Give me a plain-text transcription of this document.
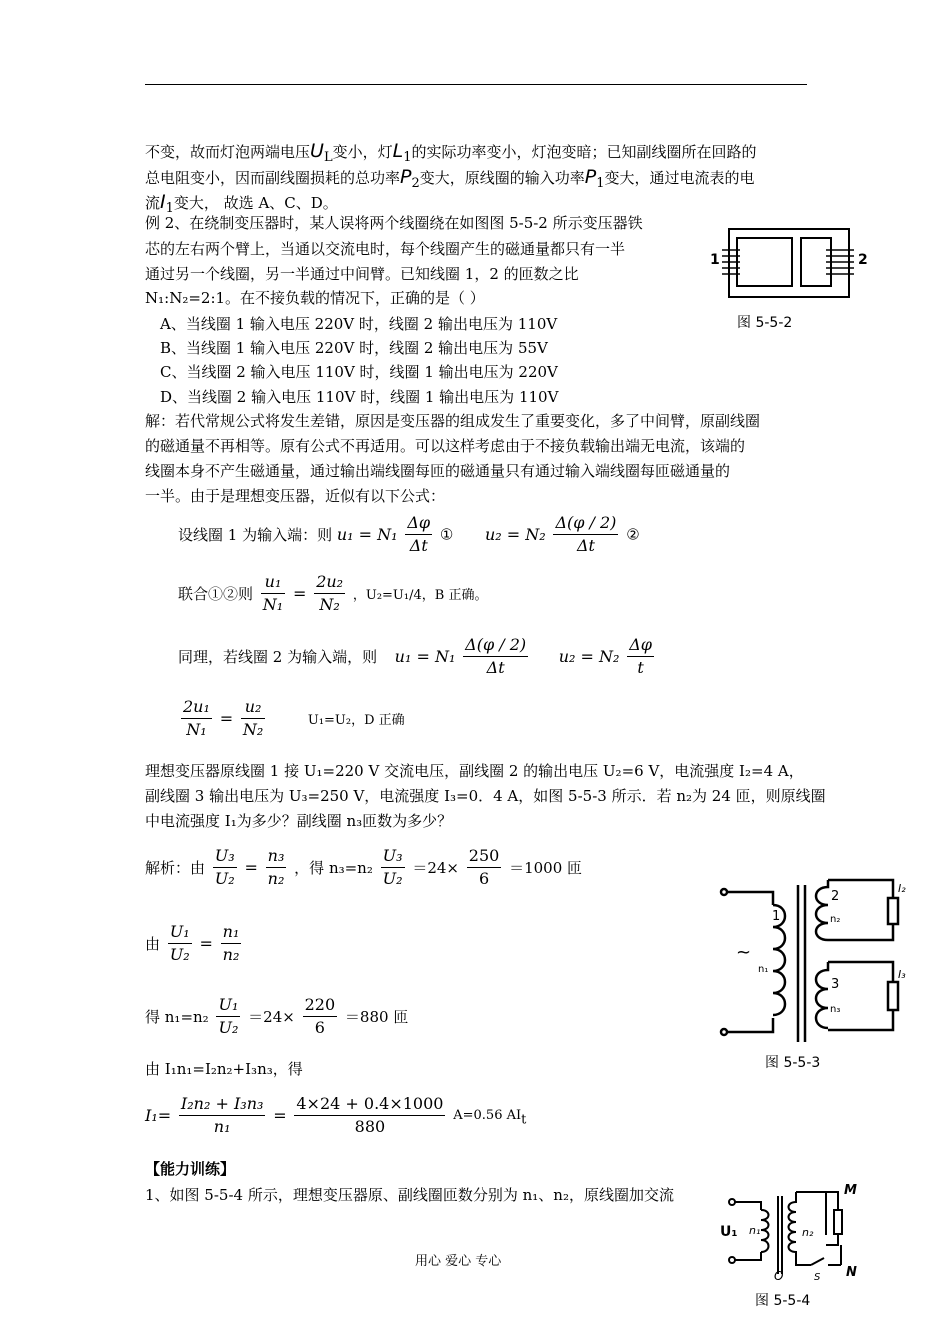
不变，故而灯泡两端电压$U_L$变小，灯$L_1$的实际功率变小，灯泡变暗；已知副线圈所在回路的
总电阻变小，因而副线圈损耗的总功率$P_2$变大，原线圈的输入功率$P_1$变大，通过电流表的电
流$I_1$变大， 故选 A、C、D。
例 2、在绕制变压器时，某人误将两个线圈绕在如图图 5-5-2 所示变压器铁
芯的左右两个臂上，当通以交流电时，每个线圈产生的磁通量都只有一半
通过另一个线圈，另一半通过中间臂。已知线圈 1，2 的匝数之比
N₁:N₂=2:1。在不接负载的情况下，正确的是（ ）
A、当线圈 1 输入电压 220V 时，线圈 2 输出电压为 110V
B、当线圈 1 输入电压 220V 时，线圈 2 输出电压为 55V
C、当线圈 2 输入电压 110V 时，线圈 1 输出电压为 220V
D、当线圈 2 输入电压 110V 时，线圈 1 输出电压为 110V
1	2
图 5-5-2
解：若代常规公式将发生差错，原因是变压器的组成发生了重要变化，多了中间臂，原副线圈
的磁通量不再相等。原有公式不再适用。可以这样考虑由于不接负载输出端无电流，该端的
线圈本身不产生磁通量，通过输出端线圈每匝的磁通量只有通过输入端线圈每匝磁通量的
一半。由于是理想变压器，近似有以下公式：
设线圈 1 为输入端：则 $u_1 = N_1 \frac{\Delta\varphi}{\Delta t}$ ① $u_2 = N_2 \frac{\Delta(\varphi / 2)}{\Delta t}$ ②
联合①②则 $\frac{\text{u₁}}{\text{N₁}} = \frac{\text{2u₂}}{\text{N₂}}$ ，U₂=U₁/4，B 正确。
同理，若线圈 2 为输入端，则 $u_1 = N_1 \frac{\Delta(\varphi / 2)}{\Delta t} u_2 = N_2 \frac{\Delta\varphi}{t}$
$\frac{\text{2u₁}}{\text{N₁}} = \frac{\text{u₂}}{\text{N₂}}$	U₁=U₂，D 正确
理想变压器原线圈 1 接 U₁=220 V 交流电压，副线圈 2 的输出电压 U₂=6 V，电流强度 I₂=4 A，
副线圈 3 输出电压为 U₃=250 V，电流强度 I₃=0．4 A，如图 5-5-3 所示．若 n₂为 24 匝，则原线圈
中电流强度 I₁为多少？副线圈 n₃匝数为多少？
解析：由 $\frac{\text{U₃}}{\text{U₂}} = \frac{\text{n₃}}{\text{n₂}}$ ，得 $n_3=n_2 \frac{\text{U₃}}{\text{U₂}} =24\times \frac{250}{6} =1000$ 匝
由 $\frac{\text{U₁}}{\text{U₂}} = \frac{\text{n₁}}{\text{n₂}}$
得 $n_1=n_2 \frac{\text{U₁}}{\text{U₂}} =24\times \frac{220}{6} =880$ 匝
由 I₁n₁=I₂n₂+I₃n₃，得
$I_1= \frac{\text{I₂n₂ + I₃n₃}}{\text{n₁}} = \frac{4\times 24 + 0.4\times 1000}{880} A=0.56$ $AI_t$
~
1
n₁
2
n₂
3
n₃
I₂
I₃
图 5-5-3
【能力训练】
1、如图 5-5-4 所示，理想变压器原、副线圈匝数分别为 n₁、n₂，原线圈加交流
U₁ n₁	n₂
M
N
O	S
图 5-5-4
用心 爱心 专心
